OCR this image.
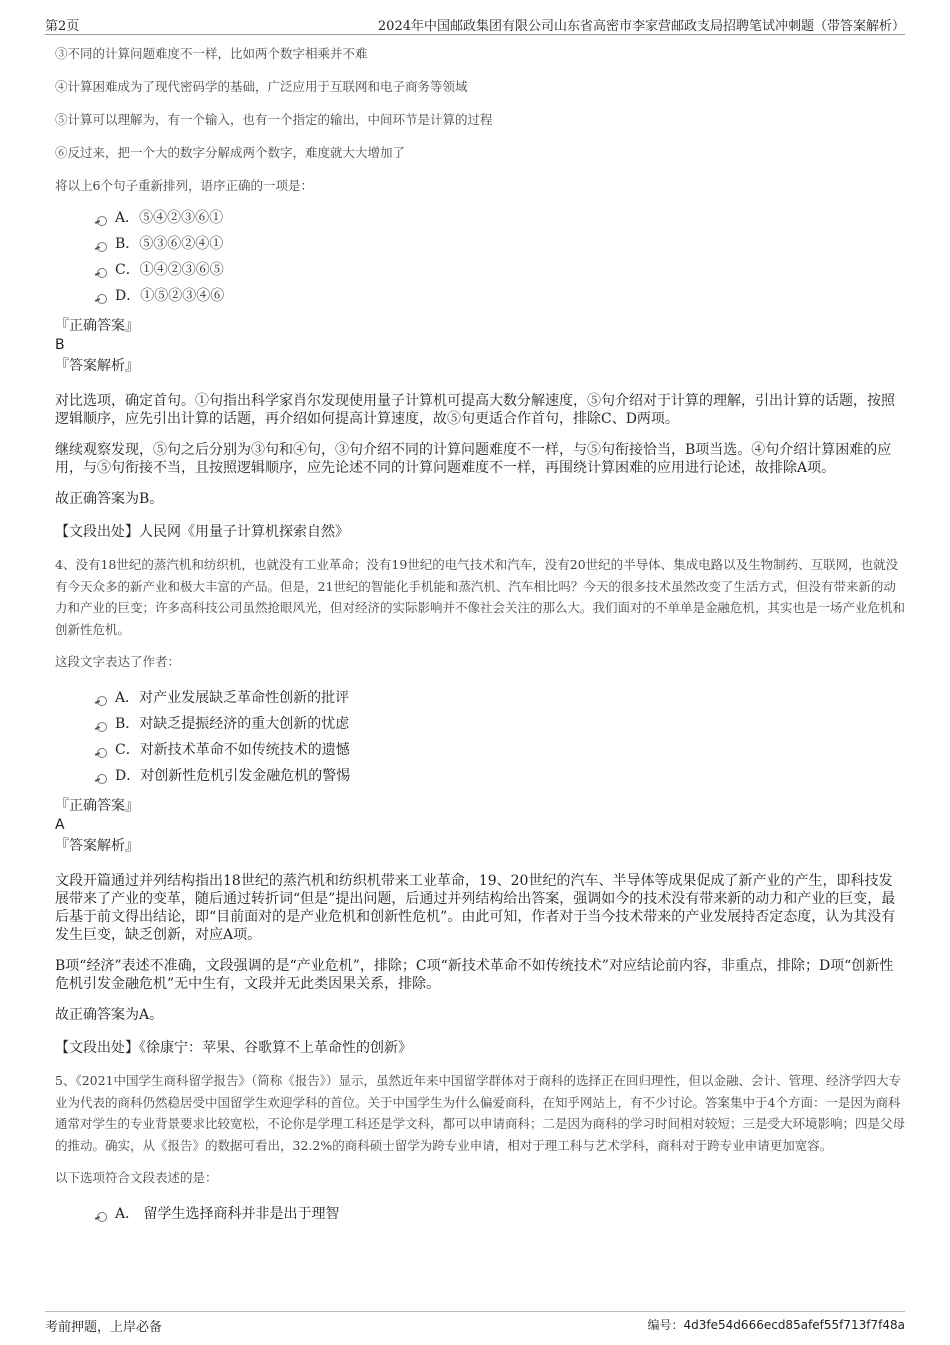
第2页	2024年中国邮政集团有限公司山东省高密市李家营邮政支局招聘笔试冲刺题（带答案解析）

③不同的计算问题难度不一样，比如两个数字相乘并不难

④计算困难成为了现代密码学的基础，广泛应用于互联网和电子商务等领域

⑤计算可以理解为，有一个输入，也有一个指定的输出，中间环节是计算的过程

⑥反过来，把一个大的数字分解成两个数字，难度就大大增加了

将以上6个句子重新排列，语序正确的一项是：

A．⑤④②③⑥①
B．⑤③⑥②④①
C．①④②③⑥⑤
D．①⑤②③④⑥

『正确答案』

B

『答案解析』

对比选项，确定首句。①句指出科学家肖尔发现使用量子计算机可提高大数分解速度，⑤句介绍对于计算的理解，引出计算的话题，按照逻辑顺序，应先引出计算的话题，再介绍如何提高计算速度，故⑤句更适合作首句，排除C、D两项。

继续观察发现，⑤句之后分别为③句和④句，③句介绍不同的计算问题难度不一样，与⑤句衔接恰当，B项当选。④句介绍计算困难的应用，与⑤句衔接不当，且按照逻辑顺序，应先论述不同的计算问题难度不一样，再围绕计算困难的应用进行论述，故排除A项。

故正确答案为B。

【文段出处】人民网《用量子计算机探索自然》

4、没有18世纪的蒸汽机和纺织机，也就没有工业革命；没有19世纪的电气技术和汽车，没有20世纪的半导体、集成电路以及生物制药、互联网，也就没有今天众多的新产业和极大丰富的产品。但是，21世纪的智能化手机能和蒸汽机、汽车相比吗？今天的很多技术虽然改变了生活方式，但没有带来新的动力和产业的巨变；许多高科技公司虽然抢眼风光，但对经济的实际影响并不像社会关注的那么大。我们面对的不单单是金融危机，其实也是一场产业危机和创新性危机。

这段文字表达了作者：

A．对产业发展缺乏革命性创新的批评
B．对缺乏提振经济的重大创新的忧虑
C．对新技术革命不如传统技术的遗憾
D．对创新性危机引发金融危机的警惕

『正确答案』

A

『答案解析』

文段开篇通过并列结构指出18世纪的蒸汽机和纺织机带来工业革命，19、20世纪的汽车、半导体等成果促成了新产业的产生，即科技发展带来了产业的变革，随后通过转折词“但是”提出问题，后通过并列结构给出答案，强调如今的技术没有带来新的动力和产业的巨变，最后基于前文得出结论，即“目前面对的是产业危机和创新性危机”。由此可知，作者对于当今技术带来的产业发展持否定态度，认为其没有发生巨变，缺乏创新，对应A项。

B项“经济”表述不准确，文段强调的是“产业危机”，排除；C项“新技术革命不如传统技术”对应结论前内容，非重点，排除；D项“创新性危机引发金融危机”无中生有，文段并无此类因果关系，排除。

故正确答案为A。

【文段出处】《徐康宁：苹果、谷歌算不上革命性的创新》

5、《2021中国学生商科留学报告》（简称《报告》）显示，虽然近年来中国留学群体对于商科的选择正在回归理性，但以金融、会计、管理、经济学四大专业为代表的商科仍然稳居受中国留学生欢迎学科的首位。关于中国学生为什么偏爱商科，在知乎网站上，有不少讨论。答案集中于4个方面：一是因为商科通常对学生的专业背景要求比较宽松，不论你是学理工科还是学文科，都可以申请商科；二是因为商科的学习时间相对较短；三是受大环境影响；四是父母的推动。确实，从《报告》的数据可看出，32.2%的商科硕士留学为跨专业申请，相对于理工科与艺术学科，商科对于跨专业申请更加宽容。

以下选项符合文段表述的是：

A． 留学生选择商科并非是出于理智
考前押题，上岸必备	编号：4d3fe54d666ecd85afef55f713f7f48a
